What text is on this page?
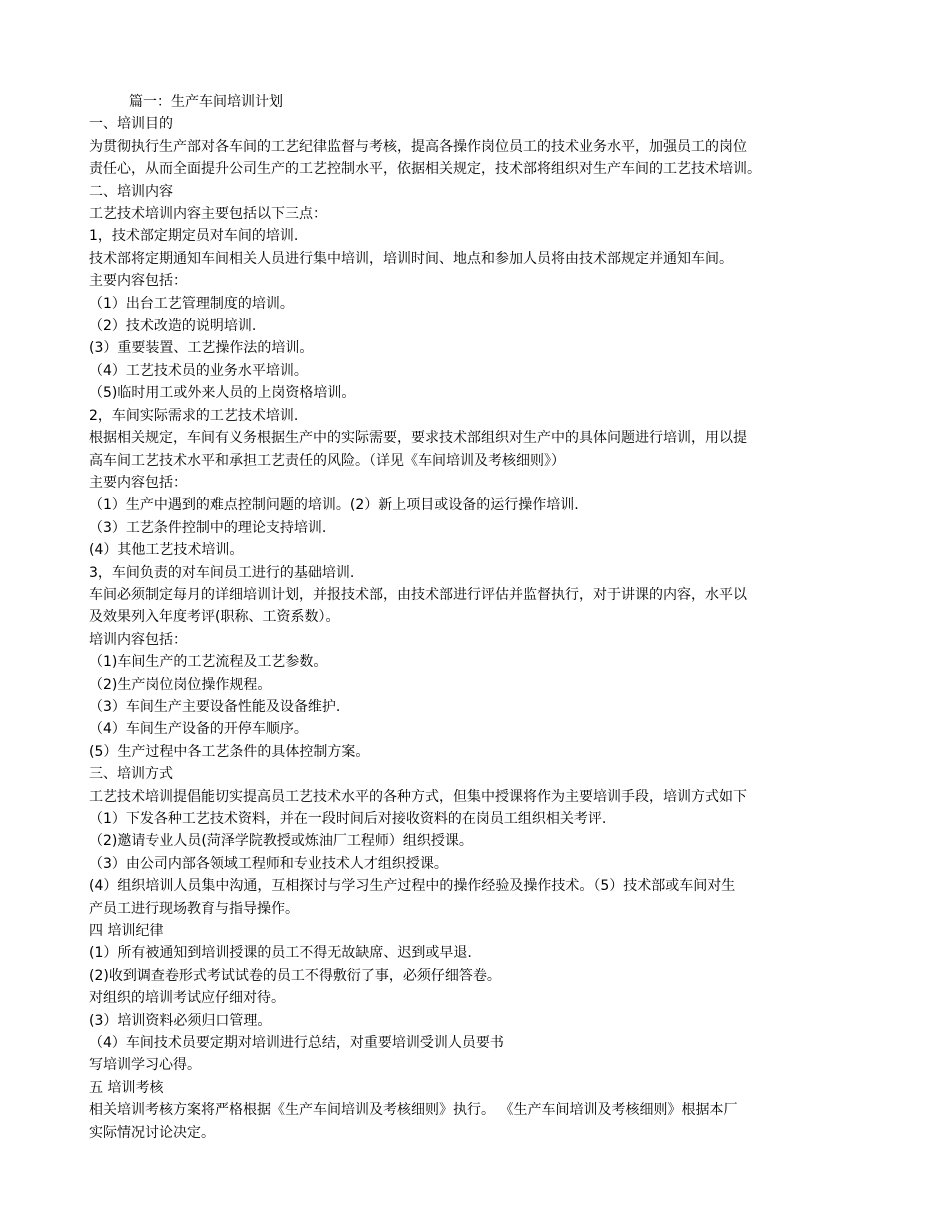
篇一：生产车间培训计划
一、培训目的
为贯彻执行生产部对各车间的工艺纪律监督与考核，提高各操作岗位员工的技术业务水平，加强员工的岗位
责任心，从而全面提升公司生产的工艺控制水平，依据相关规定，技术部将组织对生产车间的工艺技术培训。
二、培训内容
工艺技术培训内容主要包括以下三点：
1，技术部定期定员对车间的培训.
技术部将定期通知车间相关人员进行集中培训，培训时间、地点和参加人员将由技术部规定并通知车间。
主要内容包括：
（1）出台工艺管理制度的培训。
（2）技术改造的说明培训.
(3）重要装置、工艺操作法的培训。
（4）工艺技术员的业务水平培训。
（5)临时用工或外来人员的上岗资格培训。
2，车间实际需求的工艺技术培训.
根据相关规定，车间有义务根据生产中的实际需要，要求技术部组织对生产中的具体问题进行培训，用以提
高车间工艺技术水平和承担工艺责任的风险。（详见《车间培训及考核细则》）
主要内容包括：
（1）生产中遇到的难点控制问题的培训。(2）新上项目或设备的运行操作培训.
（3）工艺条件控制中的理论支持培训.
(4）其他工艺技术培训。
3，车间负责的对车间员工进行的基础培训.
车间必须制定每月的详细培训计划，并报技术部，由技术部进行评估并监督执行，对于讲课的内容，水平以
及效果列入年度考评(职称、工资系数）。
培训内容包括：
（1)车间生产的工艺流程及工艺参数。
（2)生产岗位岗位操作规程。
（3）车间生产主要设备性能及设备维护.
（4）车间生产设备的开停车顺序。
(5）生产过程中各工艺条件的具体控制方案。
三、培训方式
工艺技术培训提倡能切实提高员工艺技术水平的各种方式，但集中授课将作为主要培训手段，培训方式如下
（1）下发各种工艺技术资料，并在一段时间后对接收资料的在岗员工组织相关考评.
（2)邀请专业人员(菏泽学院教授或炼油厂工程师）组织授课。
（3）由公司内部各领域工程师和专业技术人才组织授课。
(4）组织培训人员集中沟通，互相探讨与学习生产过程中的操作经验及操作技术。（5）技术部或车间对生
产员工进行现场教育与指导操作。
四 培训纪律
(1）所有被通知到培训授课的员工不得无故缺席、迟到或早退.
(2)收到调查卷形式考试试卷的员工不得敷衍了事，必须仔细答卷。
对组织的培训考试应仔细对待。
(3）培训资料必须归口管理。
（4）车间技术员要定期对培训进行总结，对重要培训受训人员要书
写培训学习心得。
五 培训考核
相关培训考核方案将严格根据《生产车间培训及考核细则》执行。 《生产车间培训及考核细则》根据本厂
实际情况讨论决定。
